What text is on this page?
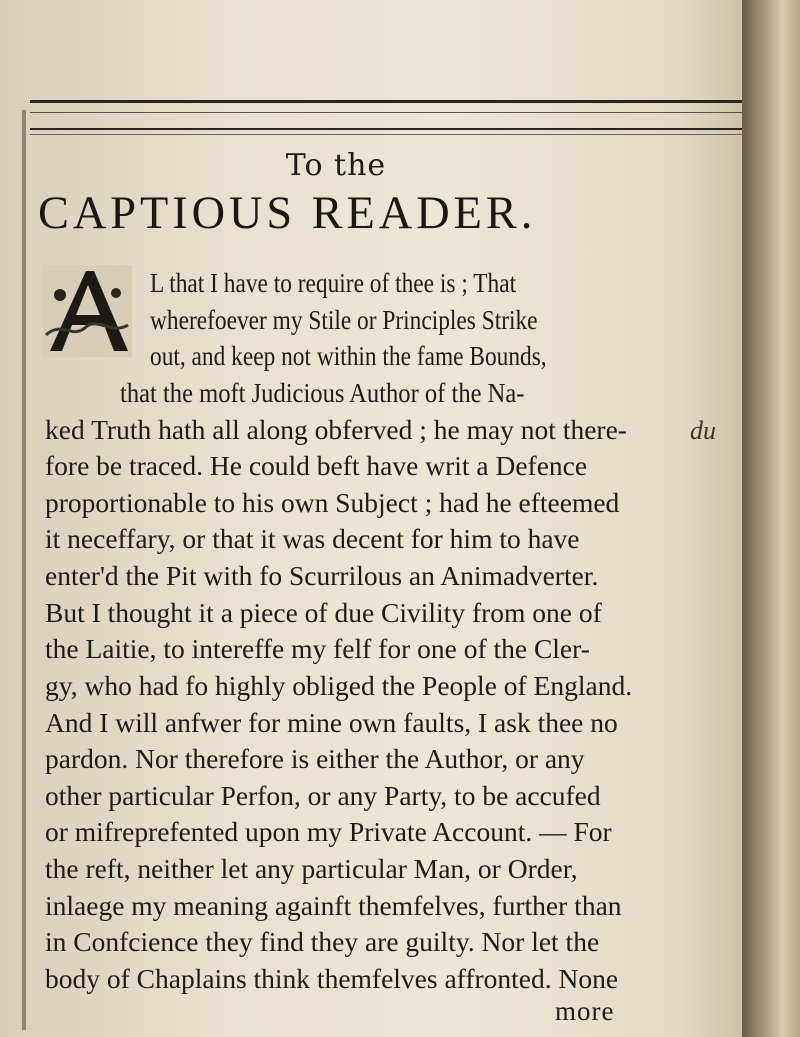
To the
CAPTIOUS READER.
L that I have to require of thee is ; That
wherefoever my Stile or Principles Strike
out, and keep not within the fame Bounds,
that the moft Judicious Author of the Na-
ked Truth hath all along obferved ; he may not there-
fore be traced. He could beft have writ a Defence
proportionable to his own Subject ; had he efteemed
it neceffary, or that it was decent for him to have
enter'd the Pit with fo Scurrilous an Animadverter.
But I thought it a piece of due Civility from one of
the Laitie, to intereffe my felf for one of the Cler-
gy, who had fo highly obliged the People of England.
And I will anfwer for mine own faults, I ask thee no
pardon. Nor therefore is either the Author, or any
other particular Perfon, or any Party, to be accufed
or mifreprefented upon my Private Account. — For
the reft, neither let any particular Man, or Order,
inlaege my meaning againft themfelves, further than
in Confcience they find they are guilty. Nor let the
body of Chaplains think themfelves affronted. None
more
du
